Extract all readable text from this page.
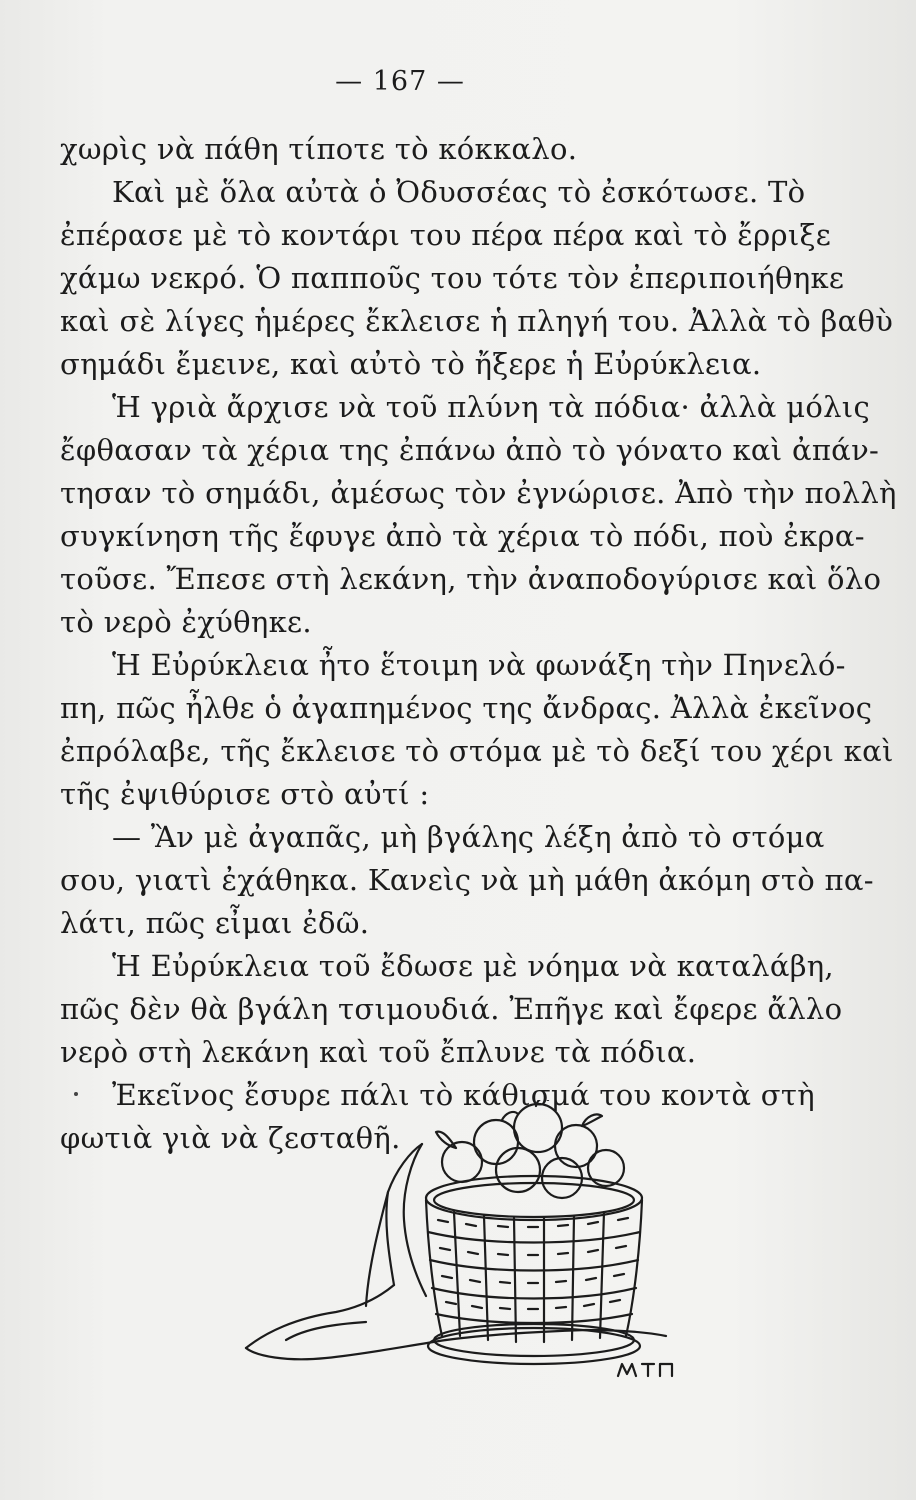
— 167 —
χωρὶς νὰ πάθη τίποτε τὸ κόκκαλο.
Καὶ μὲ ὅλα αὐτὰ ὁ Ὀδυσσέας τὸ ἐσκότωσε. Τὸ
ἐπέρασε μὲ τὸ κοντάρι του πέρα πέρα καὶ τὸ ἔρριξε
χάμω νεκρό. Ὁ παπποῦς του τότε τὸν ἐπεριποιήθηκε
καὶ σὲ λίγες ἡμέρες ἔκλεισε ἡ πληγή του. Ἀλλὰ τὸ βαθὺ
σημάδι ἔμεινε, καὶ αὐτὸ τὸ ἤξερε ἡ Εὐρύκλεια.
Ἡ γριὰ ἄρχισε νὰ τοῦ πλύνη τὰ πόδια· ἀλλὰ μόλις
ἔφθασαν τὰ χέρια της ἐπάνω ἀπὸ τὸ γόνατο καὶ ἀπάν-
τησαν τὸ σημάδι, ἀμέσως τὸν ἐγνώρισε. Ἀπὸ τὴν πολλὴ
συγκίνηση τῆς ἔφυγε ἀπὸ τὰ χέρια τὸ πόδι, ποὺ ἐκρα-
τοῦσε. Ἔπεσε στὴ λεκάνη, τὴν ἀναποδογύρισε καὶ ὅλο
τὸ νερὸ ἐχύθηκε.
Ἡ Εὐρύκλεια ἦτο ἕτοιμη νὰ φωνάξη τὴν Πηνελό-
πη, πῶς ἦλθε ὁ ἀγαπημένος της ἄνδρας. Ἀλλὰ ἐκεῖνος
ἐπρόλαβε, τῆς ἔκλεισε τὸ στόμα μὲ τὸ δεξί του χέρι καὶ
τῆς ἐψιθύρισε στὸ αὐτί :
— Ἂν μὲ ἀγαπᾶς, μὴ βγάλης λέξη ἀπὸ τὸ στόμα
σου, γιατὶ ἐχάθηκα. Κανεὶς νὰ μὴ μάθη ἀκόμη στὸ πα-
λάτι, πῶς εἶμαι ἐδῶ.
Ἡ Εὐρύκλεια τοῦ ἔδωσε μὲ νόημα νὰ καταλάβη,
πῶς δὲν θὰ βγάλη τσιμουδιά. Ἐπῆγε καὶ ἔφερε ἄλλο
νερὸ στὴ λεκάνη καὶ τοῦ ἔπλυνε τὰ πόδια.
Ἐκεῖνος ἔσυρε πάλι τὸ κάθισμά του κοντὰ στὴ
φωτιὰ γιὰ νὰ ζεσταθῆ.
